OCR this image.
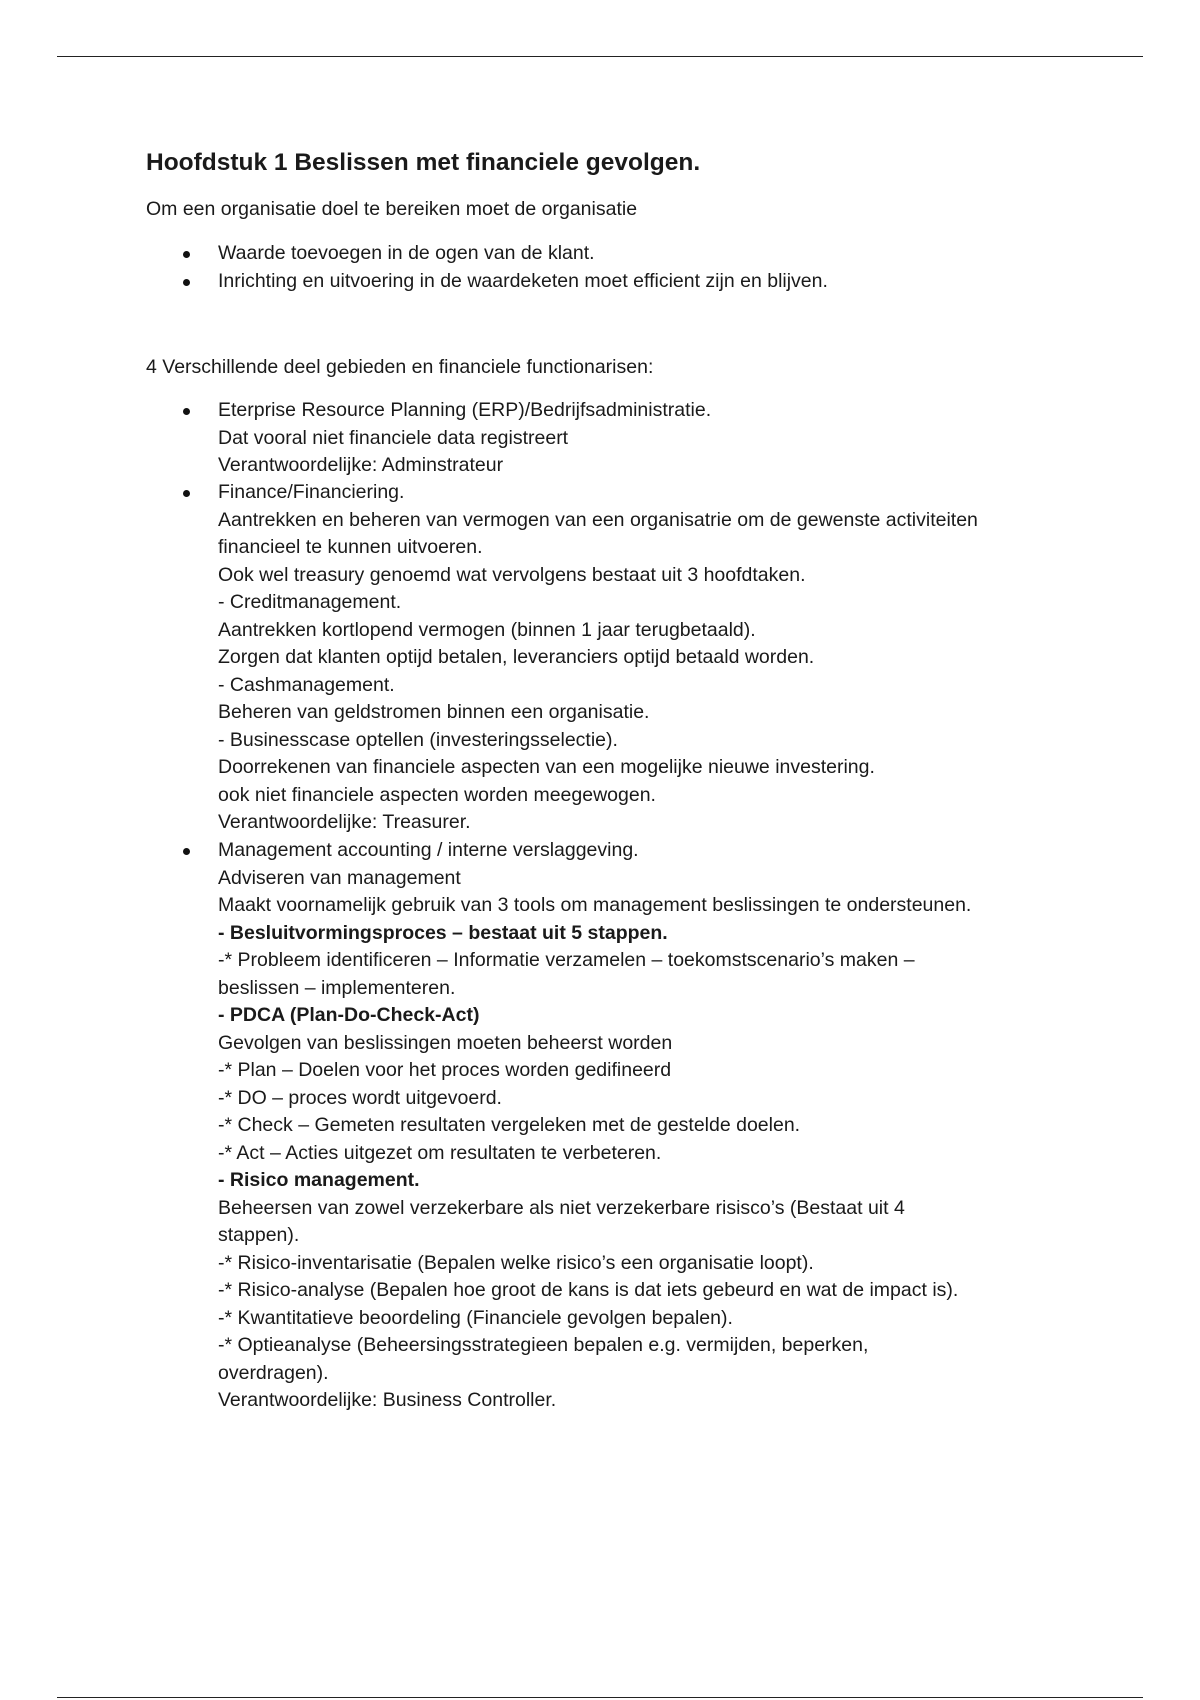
Hoofdstuk 1 Beslissen met financiele gevolgen.

Om een organisatie doel te bereiken moet de organisatie

Waarde toevoegen in de ogen van de klant.
Inrichting en uitvoering in de waardeketen moet efficient zijn en blijven.

4 Verschillende deel gebieden en financiele functionarisen:

Eterprise Resource Planning (ERP)/Bedrijfsadministratie.
Dat vooral niet financiele data registreert
Verantwoordelijke: Adminstrateur
Finance/Financiering.
Aantrekken en beheren van vermogen van een organisatrie om de gewenste activiteiten
financieel te kunnen uitvoeren.
Ook wel treasury genoemd wat vervolgens bestaat uit 3 hoofdtaken.
- Creditmanagement.
Aantrekken kortlopend vermogen (binnen 1 jaar terugbetaald).
Zorgen dat klanten optijd betalen, leveranciers optijd betaald worden.
- Cashmanagement.
Beheren van geldstromen binnen een organisatie.
- Businesscase optellen (investeringsselectie).
Doorrekenen van financiele aspecten van een mogelijke nieuwe investering.
ook niet financiele aspecten worden meegewogen.
Verantwoordelijke: Treasurer.
Management accounting / interne verslaggeving.
Adviseren van management
Maakt voornamelijk gebruik van 3 tools om management beslissingen te ondersteunen.
- Besluitvormingsproces – bestaat uit 5 stappen.
-* Probleem identificeren – Informatie verzamelen – toekomstscenario’s maken –
beslissen – implementeren.
- PDCA (Plan-Do-Check-Act)
Gevolgen van beslissingen moeten beheerst worden
-* Plan – Doelen voor het proces worden gedifineerd
-* DO – proces wordt uitgevoerd.
-* Check – Gemeten resultaten vergeleken met de gestelde doelen.
-* Act – Acties uitgezet om resultaten te verbeteren.
- Risico management.
Beheersen van zowel verzekerbare als niet verzekerbare risisco’s (Bestaat uit 4
stappen).
-* Risico-inventarisatie (Bepalen welke risico’s een organisatie loopt).
-* Risico-analyse (Bepalen hoe groot de kans is dat iets gebeurd en wat de impact is).
-* Kwantitatieve beoordeling (Financiele gevolgen bepalen).
-* Optieanalyse (Beheersingsstrategieen bepalen e.g. vermijden, beperken,
overdragen).
Verantwoordelijke: Business Controller.
